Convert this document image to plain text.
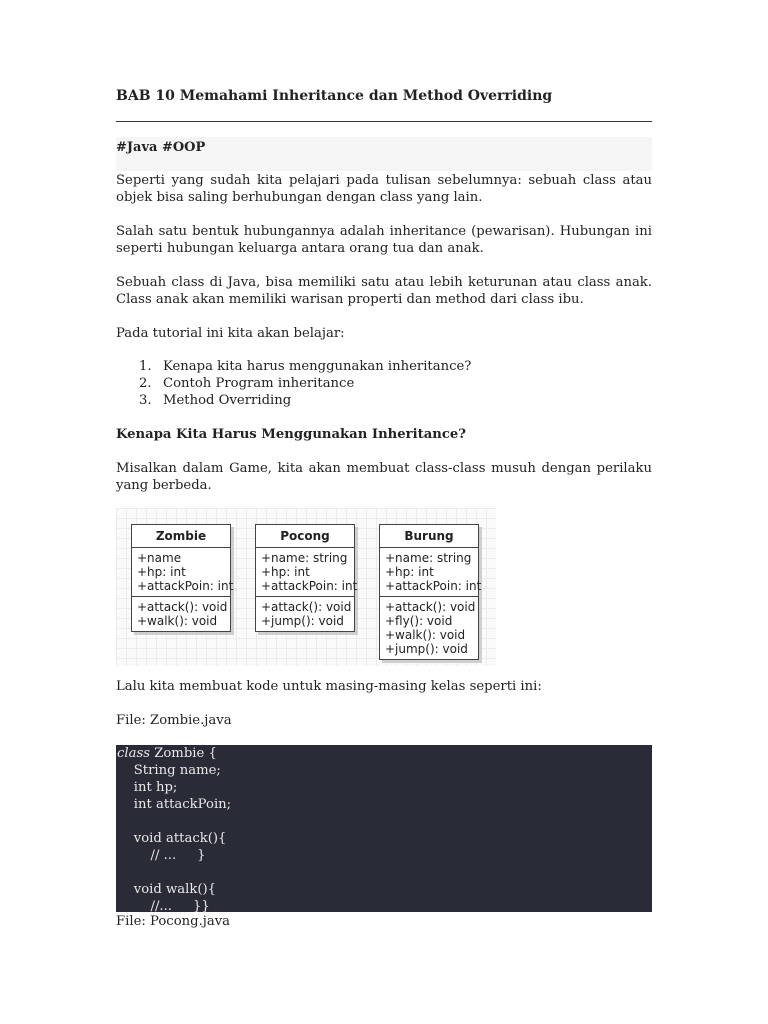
BAB 10 Memahami Inheritance dan Method Overriding
#Java #OOP
Seperti yang sudah kita pelajari pada tulisan sebelumnya: sebuah class atau objek bisa saling berhubungan dengan class yang lain.
Salah satu bentuk hubungannya adalah inheritance (pewarisan). Hubungan ini seperti hubungan keluarga antara orang tua dan anak.
Sebuah class di Java, bisa memiliki satu atau lebih keturunan atau class anak. Class anak akan memiliki warisan properti dan method dari class ibu.
Pada tutorial ini kita akan belajar:
1. Kenapa kita harus menggunakan inheritance?
2. Contoh Program inheritance
3. Method Overriding
Kenapa Kita Harus Menggunakan Inheritance?
Misalkan dalam Game, kita akan membuat class-class musuh dengan perilaku yang berbeda.
Lalu kita membuat kode untuk masing-masing kelas seperti ini:
File: Zombie.java
File: Pocong.java
Zombie
+name
+hp: int
+attackPoin: int
+attack(): void
+walk(): void
Pocong
+name: string
+hp: int
+attackPoin: int
+attack(): void
+jump(): void
Burung
+name: string
+hp: int
+attackPoin: int
+attack(): void
+fly(): void
+walk(): void
+jump(): void
class Zombie {
String name;
int hp;
int attackPoin;

void attack(){
// ...     }

void walk(){
//...     }}
